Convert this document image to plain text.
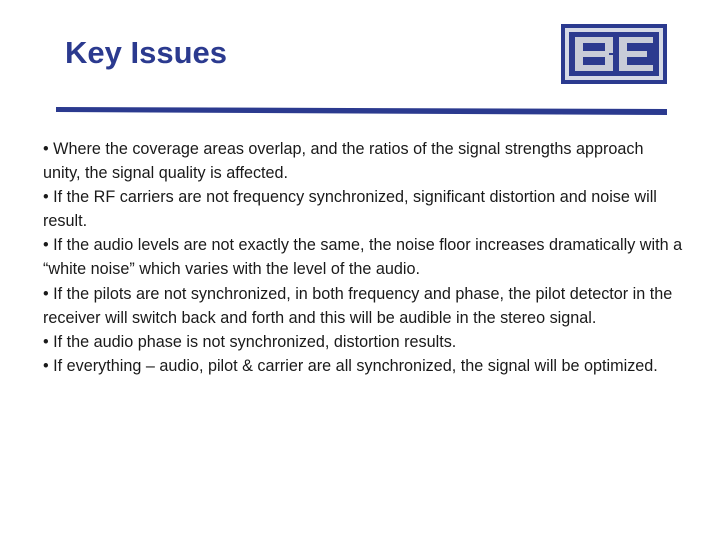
Key Issues
• Where the coverage areas overlap, and the ratios of the signal strengths approach unity, the signal quality is affected.
• If the RF carriers are not frequency synchronized, significant distortion and noise will result.
• If the audio levels are not exactly the same, the noise floor increases dramatically with a “white noise” which varies with the level of the audio.
• If the pilots are not synchronized, in both frequency and phase, the pilot detector in the receiver will switch back and forth and this will be audible in the stereo signal.
• If the audio phase is not synchronized, distortion results.
• If everything – audio, pilot & carrier are all synchronized, the signal will be optimized.
